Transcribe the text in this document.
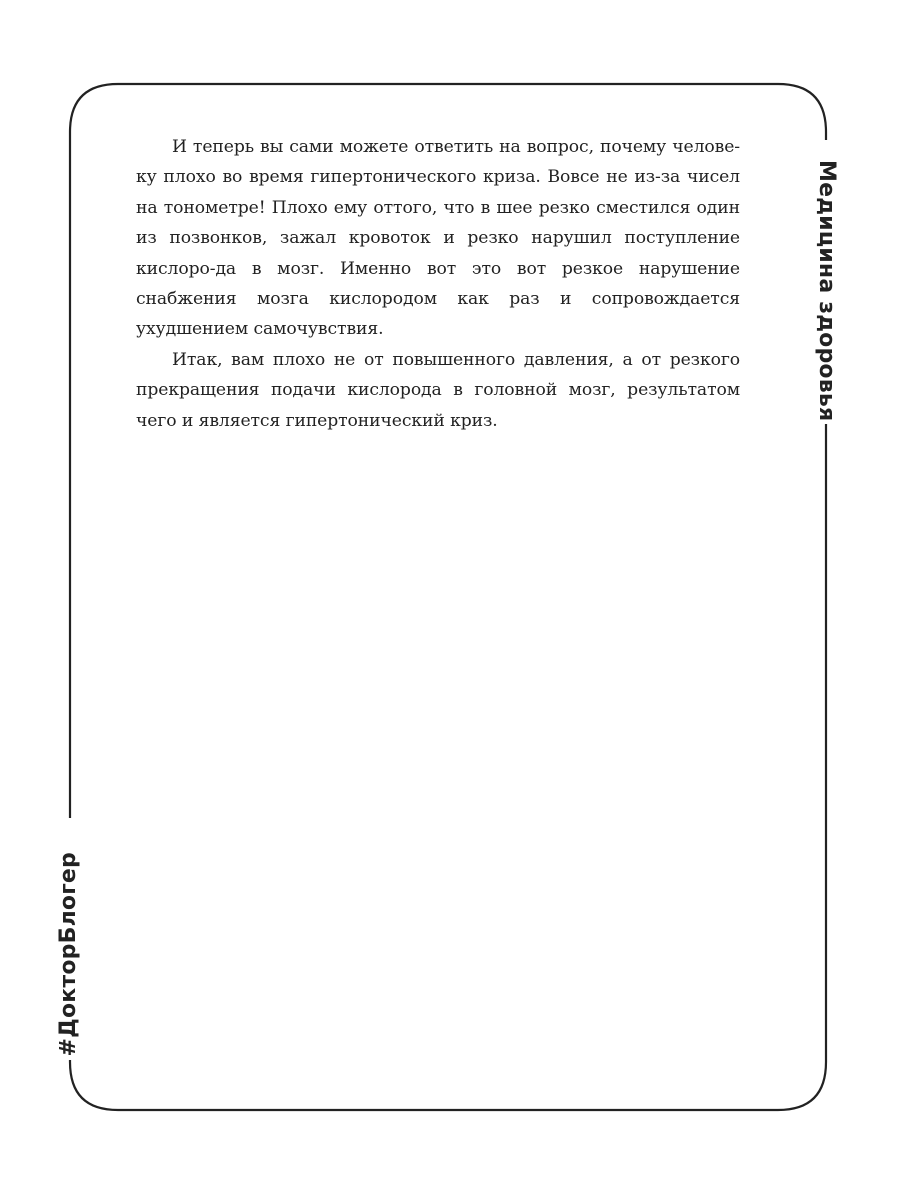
И теперь вы сами можете ответить на вопрос, почему челове-ку плохо во время гипертонического криза. Вовсе не из-за чисел на тонометре! Плохо ему оттого, что в шее резко сместился один из позвонков, зажал кровоток и резко нарушил поступление кислоро-да в мозг. Именно вот это вот резкое нарушение снабжения мозга кислородом как раз и сопровождается ухудшением самочувствия.

Итак, вам плохо не от повышенного давления, а от резкого прекращения подачи кислорода в головной мозг, результатом чего и является гипертонический криз.	Медицина здоровья
#ДокторБлогер
